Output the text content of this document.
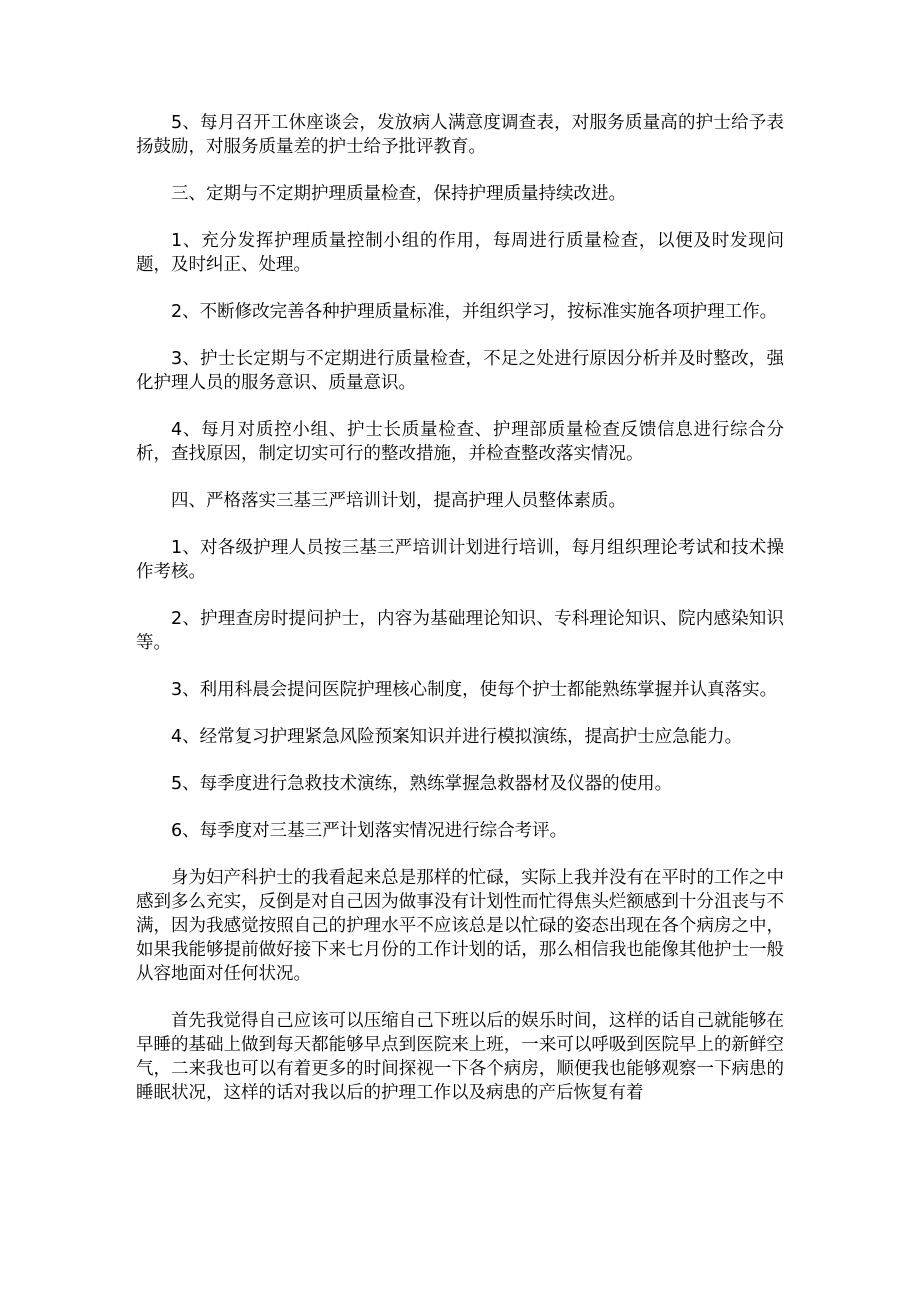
5、每月召开工休座谈会，发放病人满意度调查表，对服务质量高的护士给予表扬鼓励，对服务质量差的护士给予批评教育。

三、定期与不定期护理质量检查，保持护理质量持续改进。

1、充分发挥护理质量控制小组的作用，每周进行质量检查，以便及时发现问题，及时纠正、处理。

2、不断修改完善各种护理质量标准，并组织学习，按标准实施各项护理工作。

3、护士长定期与不定期进行质量检查，不足之处进行原因分析并及时整改，强化护理人员的服务意识、质量意识。

4、每月对质控小组、护士长质量检查、护理部质量检查反馈信息进行综合分析，查找原因，制定切实可行的整改措施，并检查整改落实情况。

四、严格落实三基三严培训计划，提高护理人员整体素质。

1、对各级护理人员按三基三严培训计划进行培训，每月组织理论考试和技术操作考核。

2、护理查房时提问护士，内容为基础理论知识、专科理论知识、院内感染知识等。

3、利用科晨会提问医院护理核心制度，使每个护士都能熟练掌握并认真落实。

4、经常复习护理紧急风险预案知识并进行模拟演练，提高护士应急能力。

5、每季度进行急救技术演练，熟练掌握急救器材及仪器的使用。

6、每季度对三基三严计划落实情况进行综合考评。

身为妇产科护士的我看起来总是那样的忙碌，实际上我并没有在平时的工作之中感到多么充实，反倒是对自己因为做事没有计划性而忙得焦头烂额感到十分沮丧与不满，因为我感觉按照自己的护理水平不应该总是以忙碌的姿态出现在各个病房之中，如果我能够提前做好接下来七月份的工作计划的话，那么相信我也能像其他护士一般从容地面对任何状况。

首先我觉得自己应该可以压缩自己下班以后的娱乐时间，这样的话自己就能够在早睡的基础上做到每天都能够早点到医院来上班，一来可以呼吸到医院早上的新鲜空气，二来我也可以有着更多的时间探视一下各个病房，顺便我也能够观察一下病患的睡眠状况，这样的话对我以后的护理工作以及病患的产后恢复有着
